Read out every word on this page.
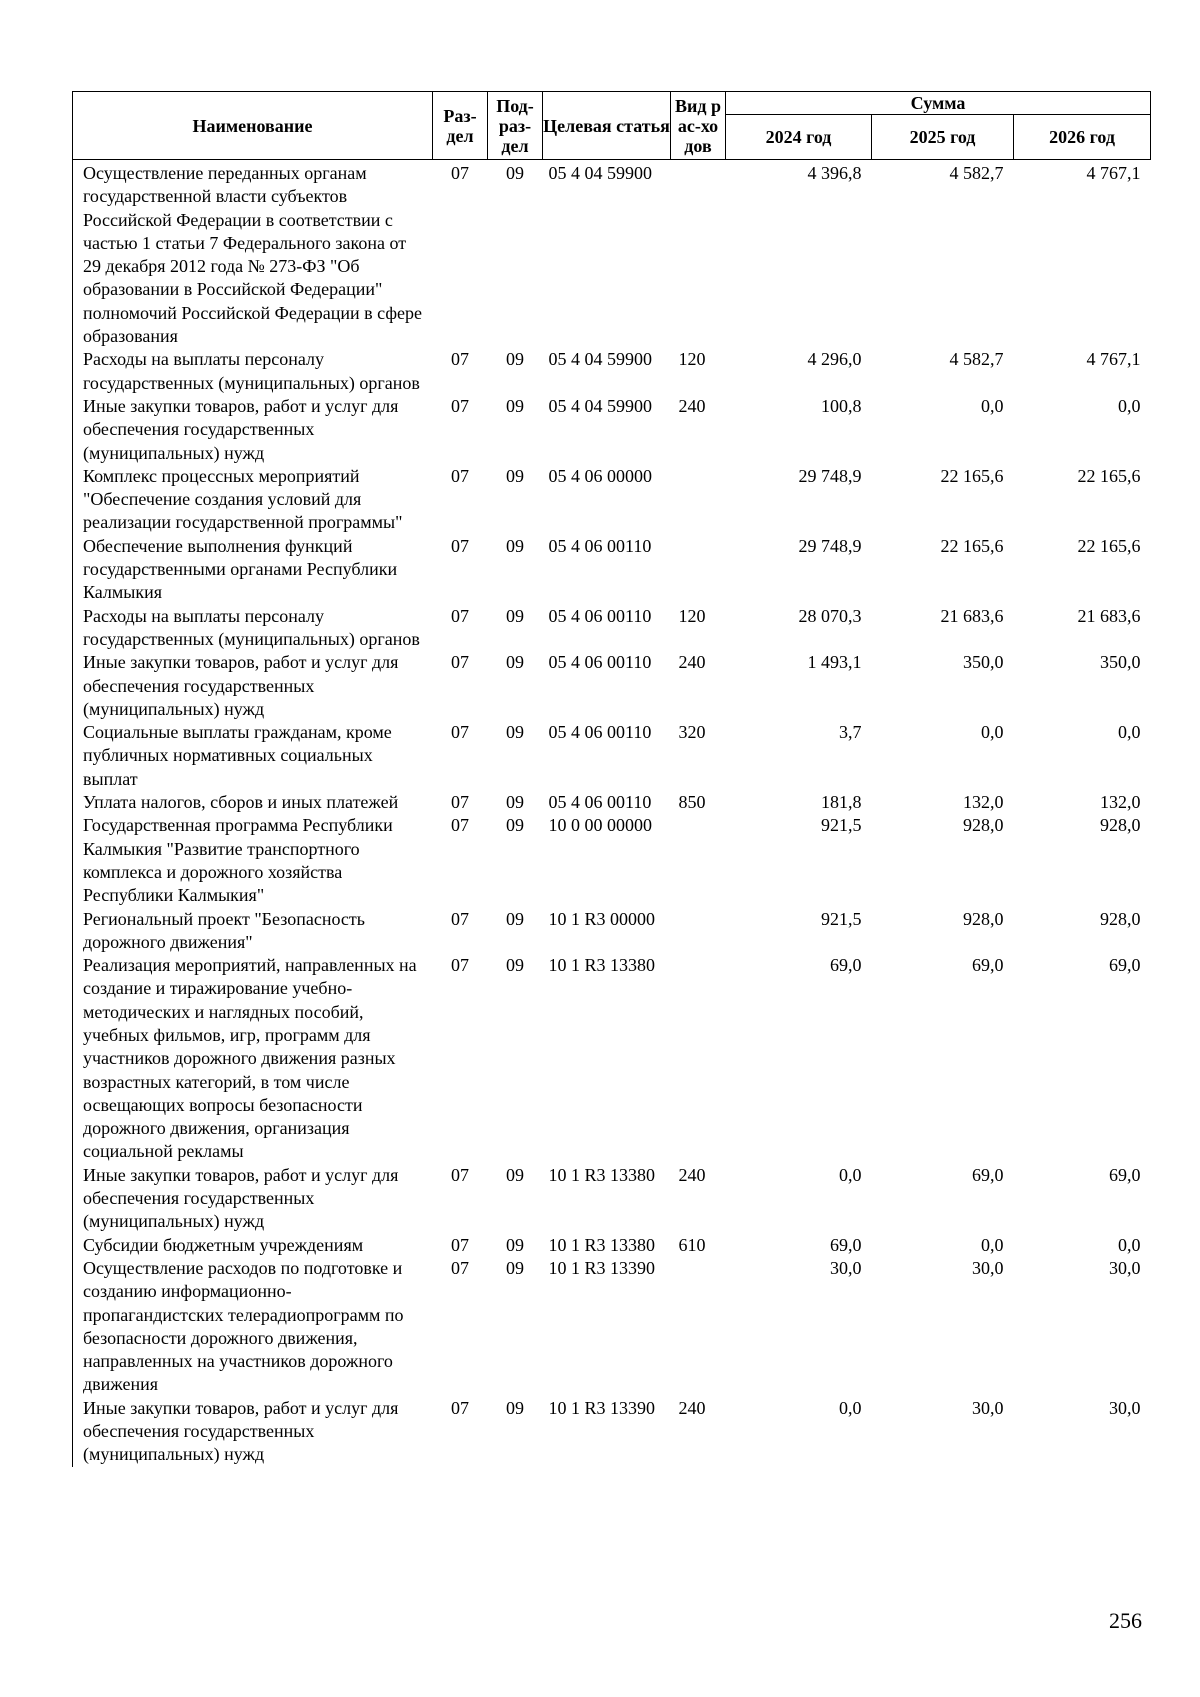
Наименование	Раз-дел	Под-раз-дел	Целевая статья	Вид рас-ходов	Сумма		
					2024 год	2025 год	2026 год
Осуществление переданных органам государственной власти субъектов Российской Федерации в соответствии с частью 1 статьи 7 Федерального закона от 29 декабря 2012 года № 273-ФЗ "Об образовании в Российской Федерации" полномочий Российской Федерации в сфере образования	07	09	05 4 04 59900		4 396,8	4 582,7	4 767,1
Расходы на выплаты персоналу государственных (муниципальных) органов	07	09	05 4 04 59900	120	4 296,0	4 582,7	4 767,1
Иные закупки товаров, работ и услуг для обеспечения государственных (муниципальных) нужд	07	09	05 4 04 59900	240	100,8	0,0	0,0
Комплекс процессных мероприятий "Обеспечение создания условий для реализации государственной программы"	07	09	05 4 06 00000		29 748,9	22 165,6	22 165,6
Обеспечение выполнения функций государственными органами Республики Калмыкия	07	09	05 4 06 00110		29 748,9	22 165,6	22 165,6
Расходы на выплаты персоналу государственных (муниципальных) органов	07	09	05 4 06 00110	120	28 070,3	21 683,6	21 683,6
Иные закупки товаров, работ и услуг для обеспечения государственных (муниципальных) нужд	07	09	05 4 06 00110	240	1 493,1	350,0	350,0
Социальные выплаты гражданам, кроме публичных нормативных социальных выплат	07	09	05 4 06 00110	320	3,7	0,0	0,0
Уплата налогов, сборов и иных платежей	07	09	05 4 06 00110	850	181,8	132,0	132,0
Государственная программа Республики Калмыкия "Развитие транспортного комплекса и дорожного хозяйства Республики Калмыкия"	07	09	10 0 00 00000		921,5	928,0	928,0
Региональный проект "Безопасность дорожного движения"	07	09	10 1 R3 00000		921,5	928,0	928,0
Реализация мероприятий, направленных на создание и тиражирование учебно-методических и наглядных пособий, учебных фильмов, игр, программ для участников дорожного движения разных возрастных категорий, в том числе освещающих вопросы безопасности дорожного движения, организация социальной рекламы	07	09	10 1 R3 13380		69,0	69,0	69,0
Иные закупки товаров, работ и услуг для обеспечения государственных (муниципальных) нужд	07	09	10 1 R3 13380	240	0,0	69,0	69,0
Субсидии бюджетным учреждениям	07	09	10 1 R3 13380	610	69,0	0,0	0,0
Осуществление расходов по подготовке и созданию информационно-пропагандистских телерадиопрограмм по безопасности дорожного движения, направленных на участников дорожного движения	07	09	10 1 R3 13390		30,0	30,0	30,0
Иные закупки товаров, работ и услуг для обеспечения государственных (муниципальных) нужд	07	09	10 1 R3 13390	240	0,0	30,0	30,0
256
